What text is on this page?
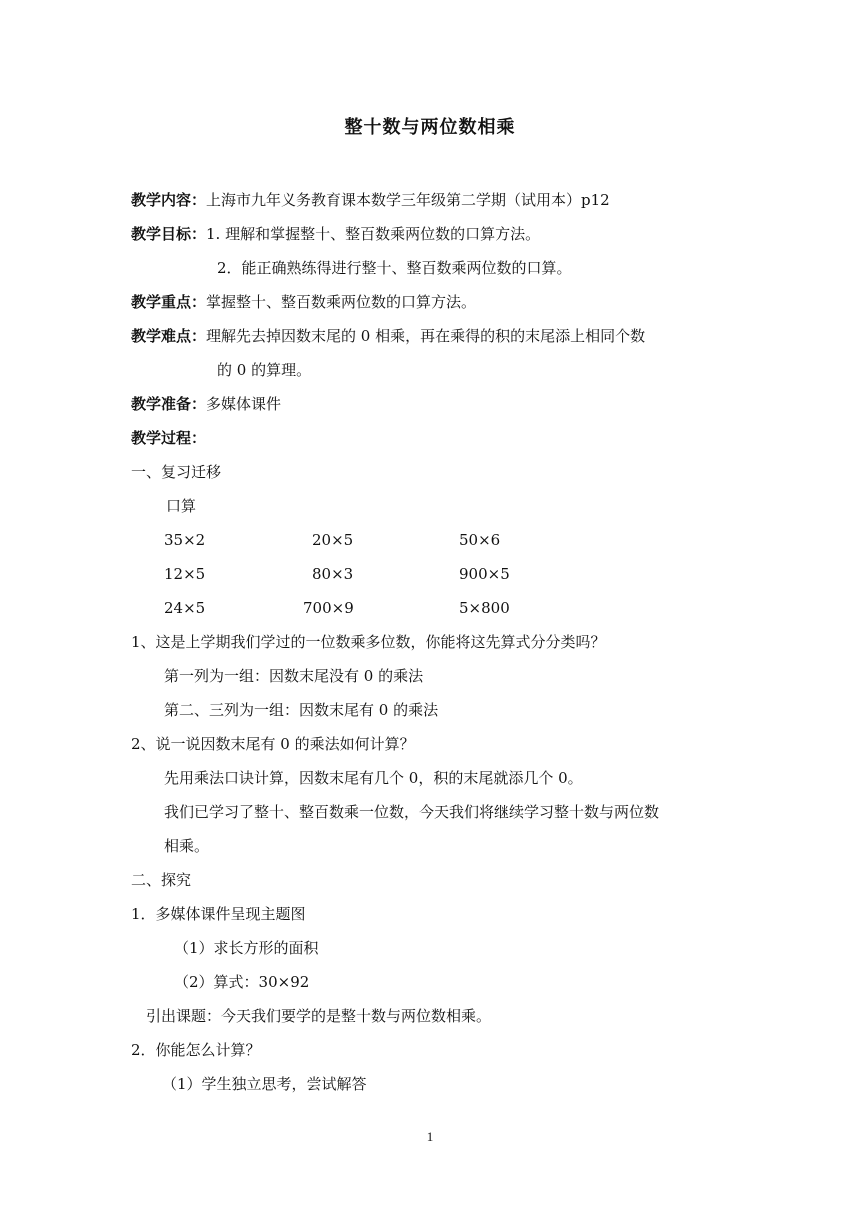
整十数与两位数相乘
教学内容：上海市九年义务教育课本数学三年级第二学期（试用本）p12
教学目标：1. 理解和掌握整十、整百数乘两位数的口算方法。
2．能正确熟练得进行整十、整百数乘两位数的口算。
教学重点：掌握整十、整百数乘两位数的口算方法。
教学难点：理解先去掉因数末尾的 0 相乘，再在乘得的积的末尾添上相同个数
的 0 的算理。
教学准备：多媒体课件
教学过程：
一、复习迁移
口算
35×2	20×5	50×6
12×5	80×3	900×5
24×5	700×9	5×800
1、这是上学期我们学过的一位数乘多位数，你能将这先算式分分类吗？
第一列为一组：因数末尾没有 0 的乘法
第二、三列为一组：因数末尾有 0 的乘法
2、说一说因数末尾有 0 的乘法如何计算？
先用乘法口诀计算，因数末尾有几个 0，积的末尾就添几个 0。
我们已学习了整十、整百数乘一位数，今天我们将继续学习整十数与两位数
相乘。
二、探究
1．多媒体课件呈现主题图
（1）求长方形的面积
（2）算式：30×92
引出课题：今天我们要学的是整十数与两位数相乘。
2．你能怎么计算？
（1）学生独立思考，尝试解答
1
